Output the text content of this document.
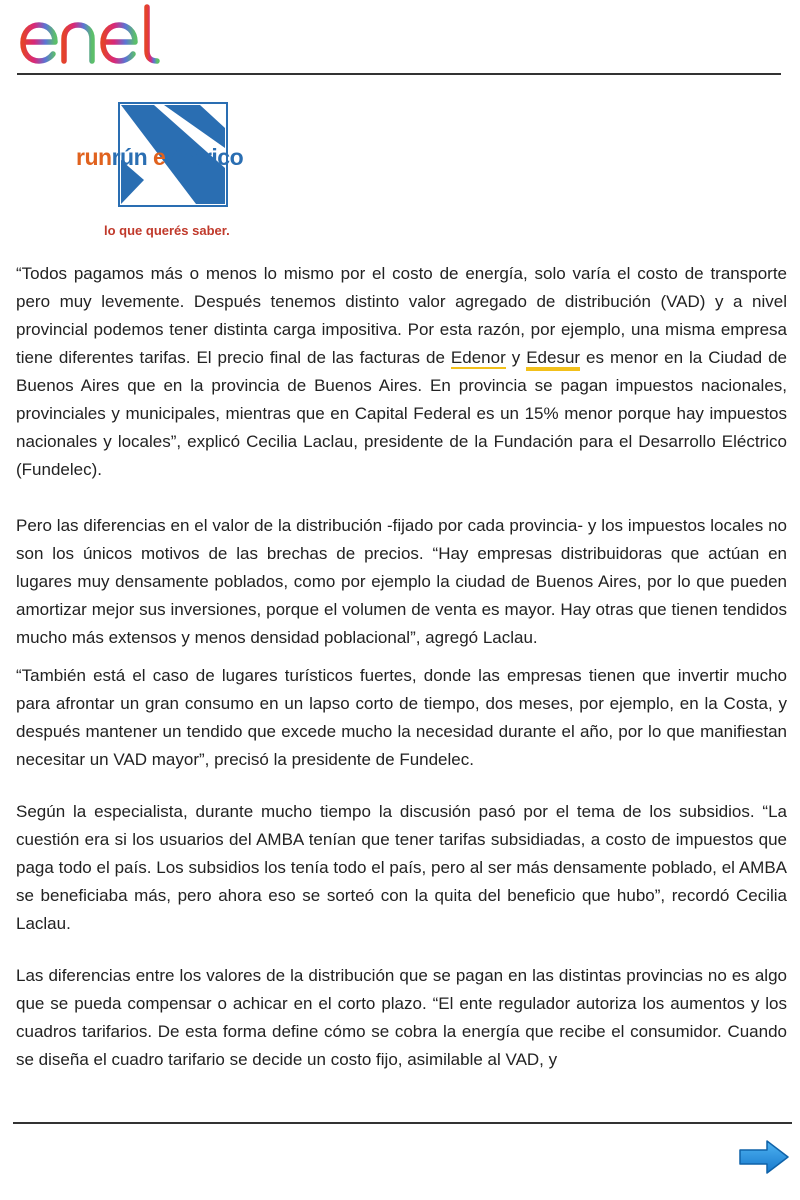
runrún eléctrico
lo que querés saber.

“Todos pagamos más o menos lo mismo por el costo de energía, solo varía el costo de transporte pero muy levemente. Después tenemos distinto valor agregado de distribución (VAD) y a nivel provincial podemos tener distinta carga impositiva. Por esta razón, por ejemplo, una misma empresa tiene diferentes tarifas. El precio final de las facturas de Edenor y Edesur es menor en la Ciudad de Buenos Aires que en la provincia de Buenos Aires. En provincia se pagan impuestos nacionales, provinciales y municipales, mientras que en Capital Federal es un 15% menor porque hay impuestos nacionales y locales”, explicó Cecilia Laclau, presidente de la Fundación para el Desarrollo Eléctrico (Fundelec).

Pero las diferencias en el valor de la distribución -fijado por cada provincia- y los impuestos locales no son los únicos motivos de las brechas de precios. “Hay empresas distribuidoras que actúan en lugares muy densamente poblados, como por ejemplo la ciudad de Buenos Aires, por lo que pueden amortizar mejor sus inversiones, porque el volumen de venta es mayor. Hay otras que tienen tendidos mucho más extensos y menos densidad poblacional”, agregó Laclau.

“También está el caso de lugares turísticos fuertes, donde las empresas tienen que invertir mucho para afrontar un gran consumo en un lapso corto de tiempo, dos meses, por ejemplo, en la Costa, y después mantener un tendido que excede mucho la necesidad durante el año, por lo que manifiestan necesitar un VAD mayor”, precisó la presidente de Fundelec.

Según la especialista, durante mucho tiempo la discusión pasó por el tema de los subsidios. “La cuestión era si los usuarios del AMBA tenían que tener tarifas subsidiadas, a costo de impuestos que paga todo el país. Los subsidios los tenía todo el país, pero al ser más densamente poblado, el AMBA se beneficiaba más, pero ahora eso se sorteó con la quita del beneficio que hubo”, recordó Cecilia Laclau.

Las diferencias entre los valores de la distribución que se pagan en las distintas provincias no es algo que se pueda compensar o achicar en el corto plazo. “El ente regulador autoriza los aumentos y los cuadros tarifarios. De esta forma define cómo se cobra la energía que recibe el consumidor. Cuando se diseña el cuadro tarifario se decide un costo fijo, asimilable al VAD, y
